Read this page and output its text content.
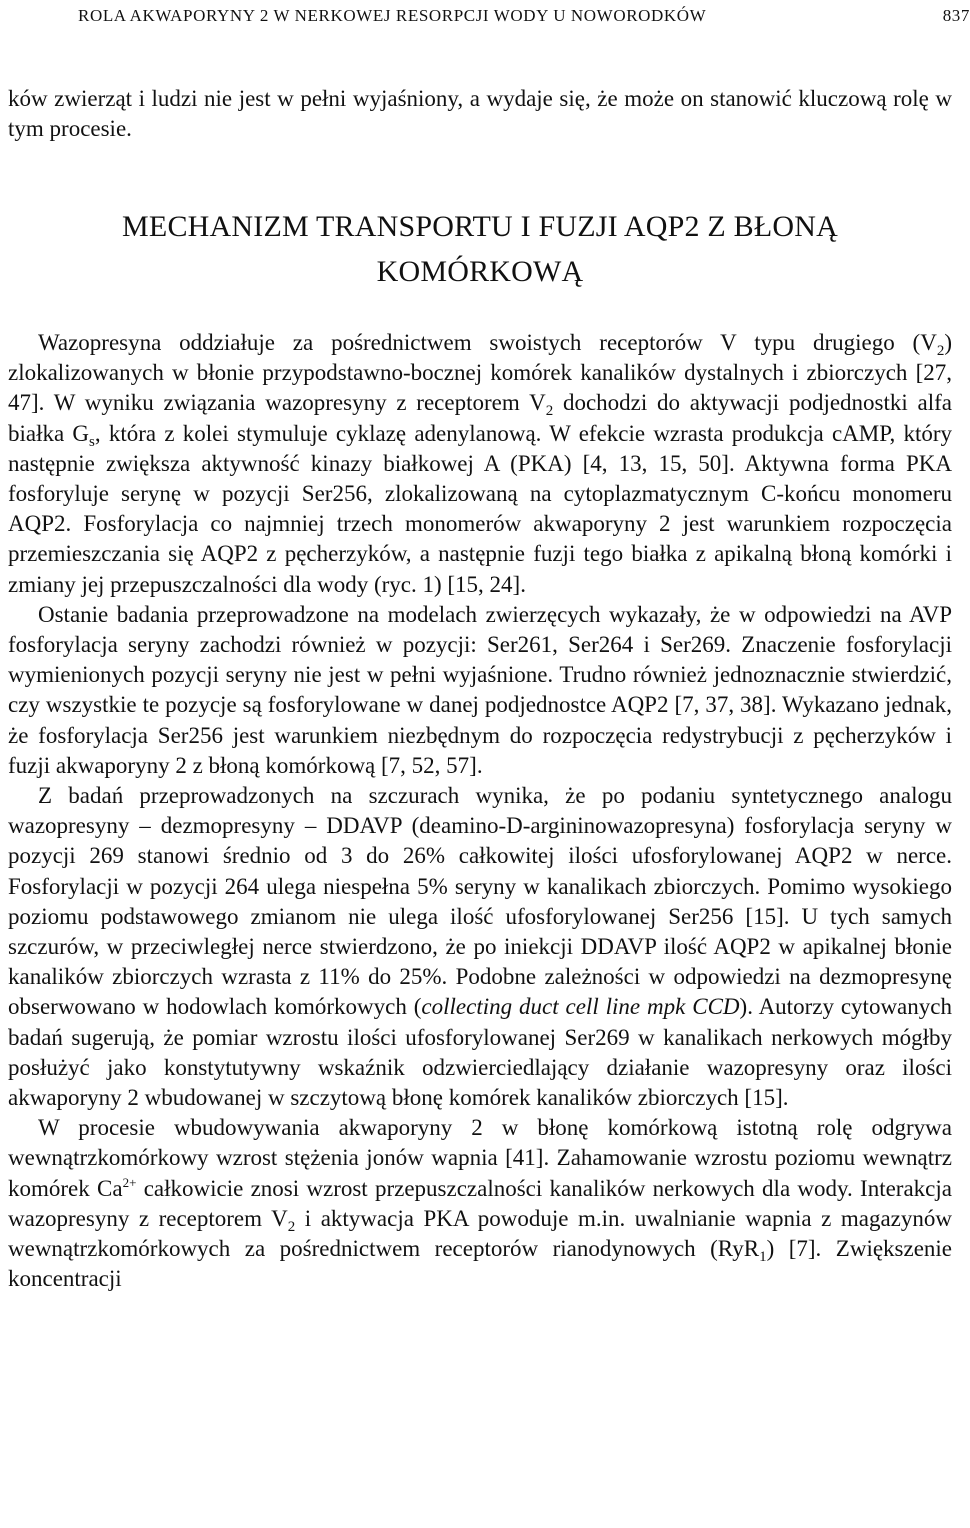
ROLA AKWAPORYNY 2 W NERKOWEJ RESORPCJI WODY U NOWORODKÓW	837

ków zwierząt i ludzi nie jest w pełni wyjaśniony, a wydaje się, że może on stanowić kluczową rolę w tym procesie.

MECHANIZM TRANSPORTU I FUZJI AQP2 Z BŁONĄ
KOMÓRKOWĄ

Wazopresyna oddziałuje za pośrednictwem swoistych receptorów V typu drugiego $(V_2)$ zlokalizowanych w błonie przypodstawno-bocznej komórek kanalików dystalnych i zbiorczych [27, 47]. W wyniku związania wazopresyny z receptorem $V_2$ dochodzi do aktywacji podjednostki alfa białka $G_s$, która z kolei stymuluje cyklazę adenylanową. W efekcie wzrasta produkcja cAMP, który następnie zwiększa aktywność kinazy białkowej A (PKA) [4, 13, 15, 50]. Aktywna forma PKA fosforyluje serynę w pozycji Ser256, zlokalizowaną na cytoplazmatycznym C-końcu monomeru AQP2. Fosforylacja co najmniej trzech monomerów akwaporyny 2 jest warunkiem rozpoczęcia przemieszczania się AQP2 z pęcherzyków, a następnie fuzji tego białka z apikalną błoną komórki i zmiany jej przepuszczalności dla wody (ryc. 1) [15, 24].

Ostanie badania przeprowadzone na modelach zwierzęcych wykazały, że w odpowiedzi na AVP fosforylacja seryny zachodzi również w pozycji: Ser261, Ser264 i Ser269. Znaczenie fosforylacji wymienionych pozycji seryny nie jest w pełni wyjaśnione. Trudno również jednoznacznie stwierdzić, czy wszystkie te pozycje są fosforylowane w danej podjednostce AQP2 [7, 37, 38]. Wykazano jednak, że fosforylacja Ser256 jest warunkiem niezbędnym do rozpoczęcia redystrybucji z pęcherzyków i fuzji akwaporyny 2 z błoną komórkową [7, 52, 57].

Z badań przeprowadzonych na szczurach wynika, że po podaniu syntetycznego analogu wazopresyny – dezmopresyny – DDAVP (deamino-D-argininowazopresyna) fosforylacja seryny w pozycji 269 stanowi średnio od 3 do 26% całkowitej ilości ufosforylowanej AQP2 w nerce. Fosforylacji w pozycji 264 ulega niespełna 5% seryny w kanalikach zbiorczych. Pomimo wysokiego poziomu podstawowego zmianom nie ulega ilość ufosforylowanej Ser256 [15]. U tych samych szczurów, w przeciwległej nerce stwierdzono, że po iniekcji DDAVP ilość AQP2 w apikalnej błonie kanalików zbiorczych wzrasta z 11% do 25%. Podobne zależności w odpowiedzi na dezmopresynę obserwowano w hodowlach komórkowych (collecting duct cell line mpk CCD). Autorzy cytowanych badań sugerują, że pomiar wzrostu ilości ufosforylowanej Ser269 w kanalikach nerkowych mógłby posłużyć jako konstytutywny wskaźnik odzwierciedlający działanie wazopresyny oraz ilości akwaporyny 2 wbudowanej w szczytową błonę komórek kanalików zbiorczych [15].

W procesie wbudowywania akwaporyny 2 w błonę komórkową istotną rolę odgrywa wewnątrzkomórkowy wzrost stężenia jonów wapnia [41]. Zahamowanie wzrostu poziomu wewnątrz komórek $Ca^{2+}$ całkowicie znosi wzrost przepuszczalności kanalików nerkowych dla wody. Interakcja wazopresyny z receptorem $V_2$ i aktywacja PKA powoduje m.in. uwalnianie wapnia z magazynów wewnątrzkomórkowych za pośrednictwem receptorów rianodynowych (RyR$_1$) [7]. Zwiększenie koncentracji
